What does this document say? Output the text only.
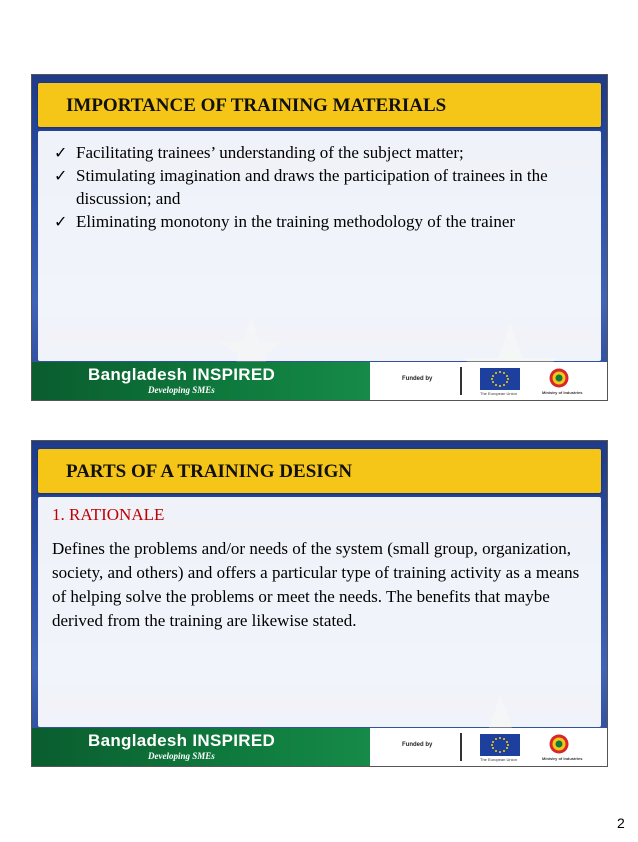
IMPORTANCE OF TRAINING MATERIALS
✓ Facilitating trainees’ understanding of the subject matter;
✓ Stimulating imagination and draws the participation of trainees in the discussion; and
✓ Eliminating monotony in the training methodology of the trainer
Bangladesh INSPIRED
Developing SMEs
Funded by
The European Union	Ministry of Industries
PARTS OF A TRAINING DESIGN
1. RATIONALE
Defines the problems and/or needs of the system (small group, organization, society, and others) and offers a particular type of training activity as a means of helping solve the problems or meet the needs. The benefits that maybe derived from the training are likewise stated.
Bangladesh INSPIRED
Developing SMEs
Funded by
The European Union	Ministry of Industries
2
